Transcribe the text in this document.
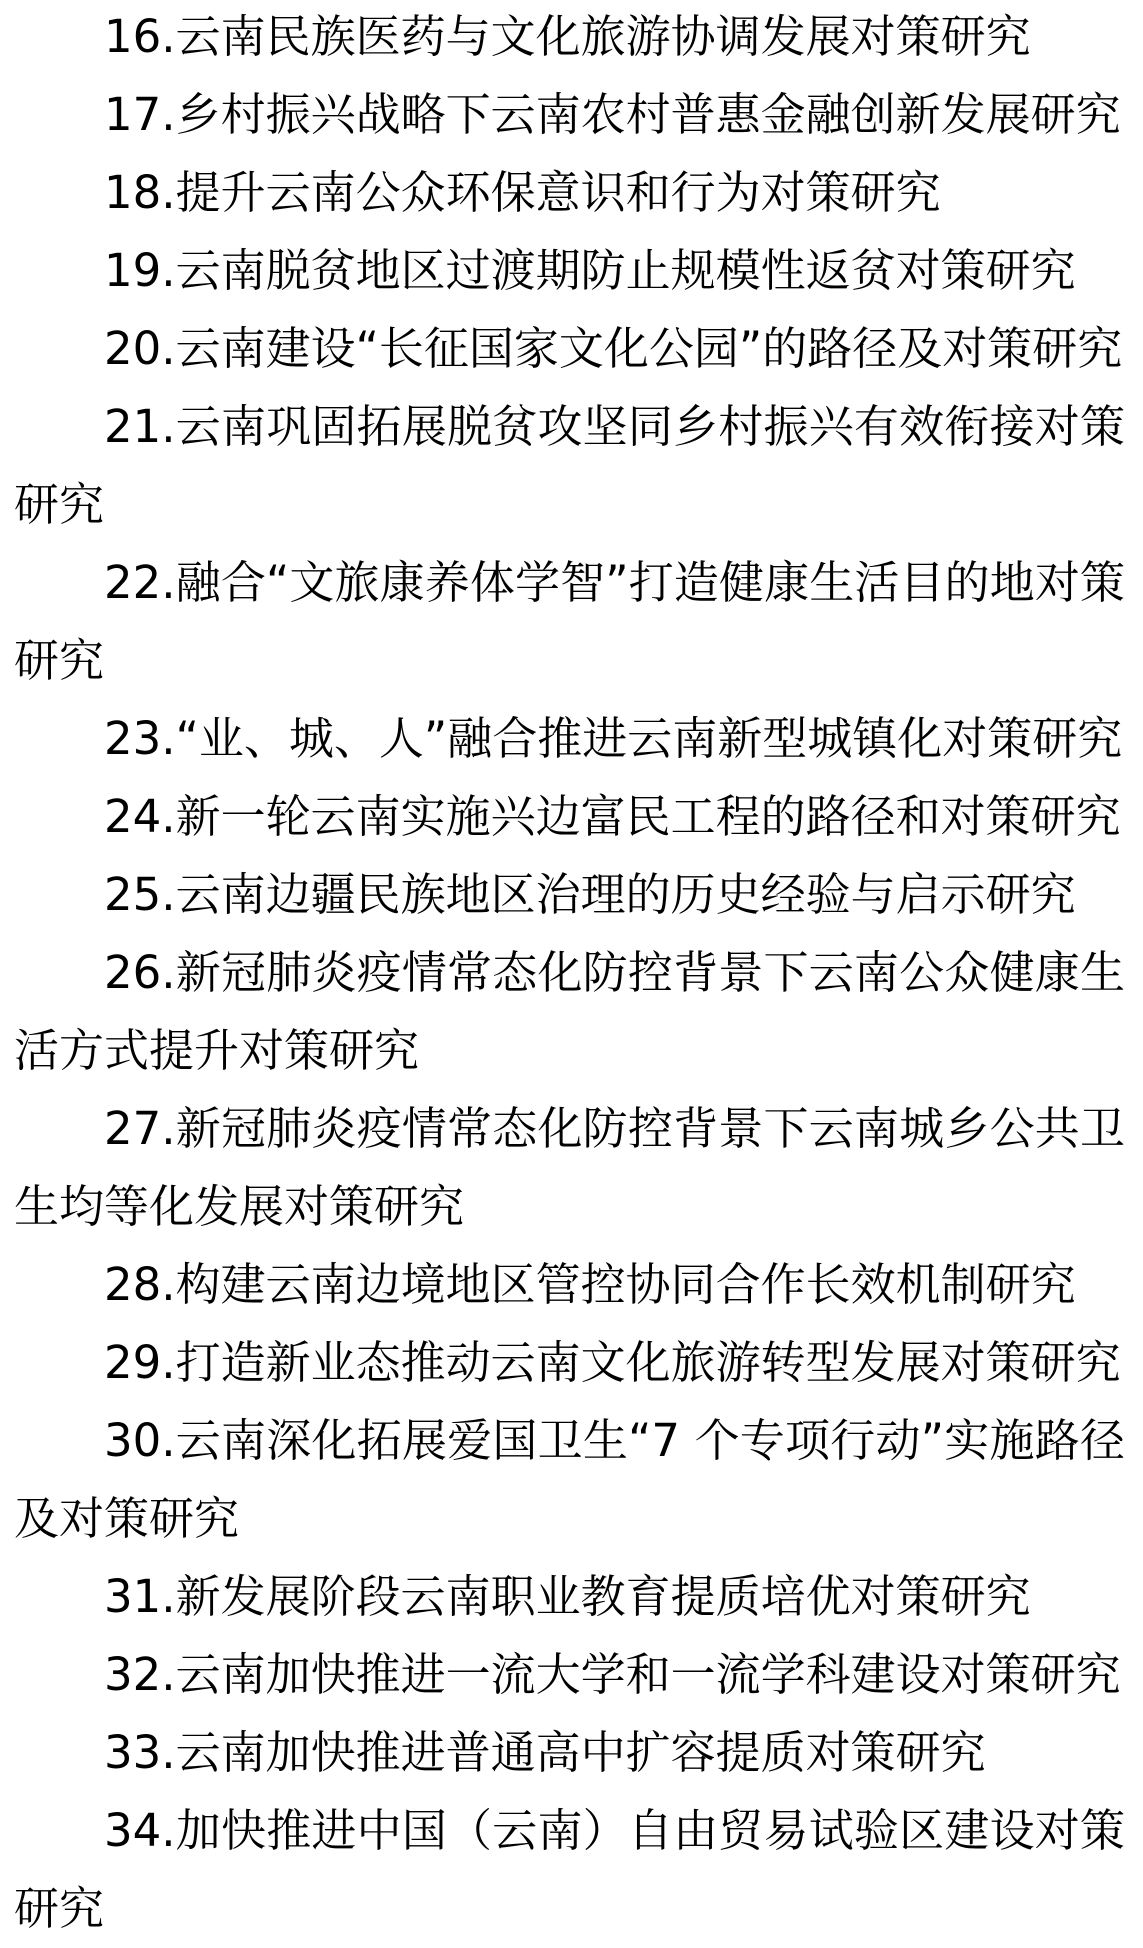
16.云南民族医药与文化旅游协调发展对策研究

17.乡村振兴战略下云南农村普惠金融创新发展研究

18.提升云南公众环保意识和行为对策研究

19.云南脱贫地区过渡期防止规模性返贫对策研究

20.云南建设“长征国家文化公园”的路径及对策研究

21.云南巩固拓展脱贫攻坚同乡村振兴有效衔接对策研究

22.融合“文旅康养体学智”打造健康生活目的地对策研究

23.“业、城、人”融合推进云南新型城镇化对策研究

24.新一轮云南实施兴边富民工程的路径和对策研究

25.云南边疆民族地区治理的历史经验与启示研究

26.新冠肺炎疫情常态化防控背景下云南公众健康生活方式提升对策研究

27.新冠肺炎疫情常态化防控背景下云南城乡公共卫生均等化发展对策研究

28.构建云南边境地区管控协同合作长效机制研究

29.打造新业态推动云南文化旅游转型发展对策研究

30.云南深化拓展爱国卫生“7 个专项行动”实施路径及对策研究

31.新发展阶段云南职业教育提质培优对策研究

32.云南加快推进一流大学和一流学科建设对策研究

33.云南加快推进普通高中扩容提质对策研究

34.加快推进中国（云南）自由贸易试验区建设对策研究
